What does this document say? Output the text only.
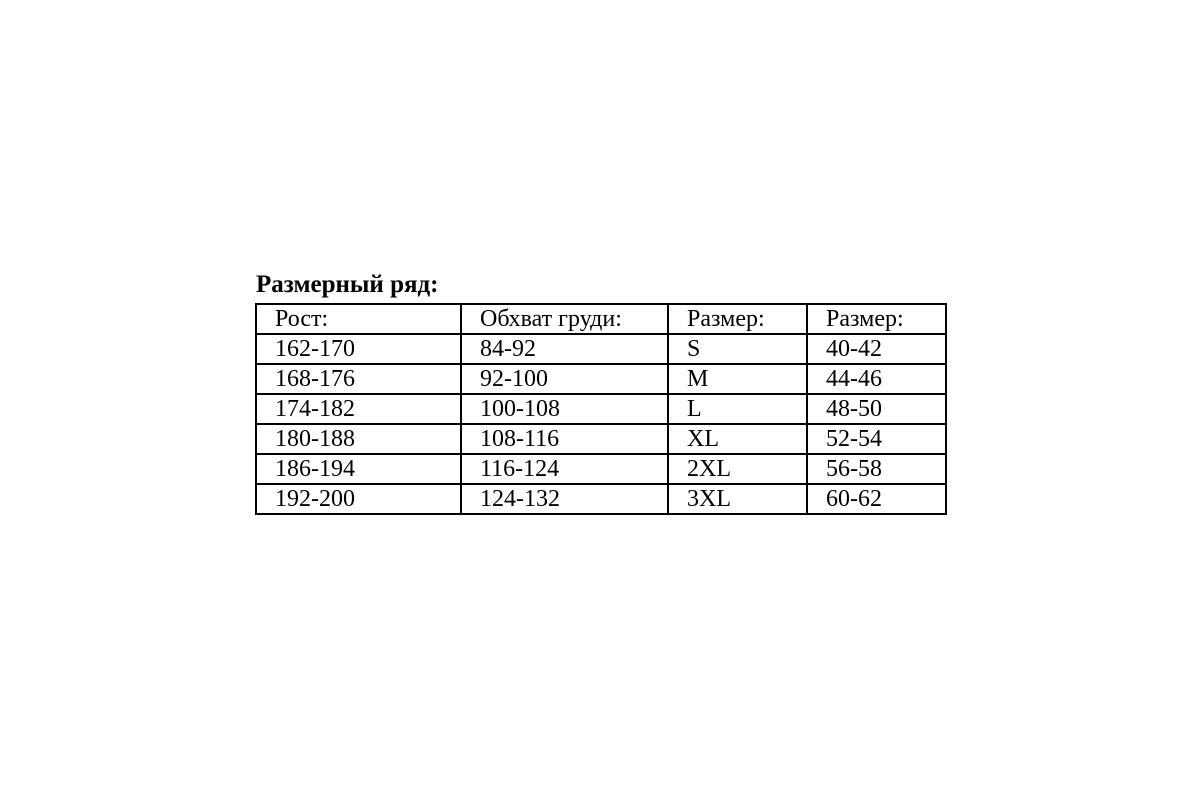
Размерный ряд:
Рост:	Обхват груди:	Размер:	Размер:
162-170	84-92	S	40-42
168-176	92-100	M	44-46
174-182	100-108	L	48-50
180-188	108-116	XL	52-54
186-194	116-124	2XL	56-58
192-200	124-132	3XL	60-62
